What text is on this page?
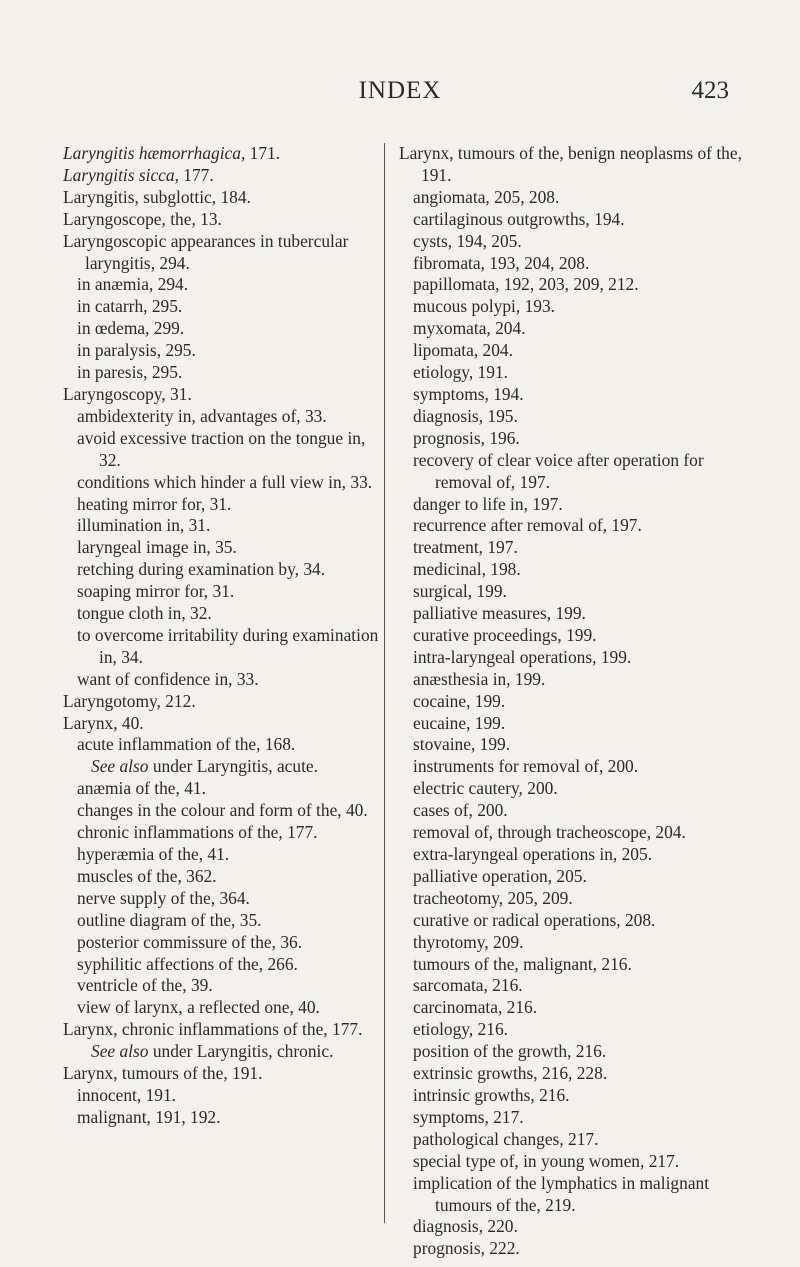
INDEX	423
Laryngitis hæmorrhagica, 171.
Laryngitis sicca, 177.
Laryngitis, subglottic, 184.
Laryngoscope, the, 13.
Laryngoscopic appearances in tubercular laryngitis, 294.
in anæmia, 294.
in catarrh, 295.
in œdema, 299.
in paralysis, 295.
in paresis, 295.
Laryngoscopy, 31.
ambidexterity in, advantages of, 33.
avoid excessive traction on the tongue in, 32.
conditions which hinder a full view in, 33.
heating mirror for, 31.
illumination in, 31.
laryngeal image in, 35.
retching during examination by, 34.
soaping mirror for, 31.
tongue cloth in, 32.
to overcome irritability during examination in, 34.
want of confidence in, 33.
Laryngotomy, 212.
Larynx, 40.
acute inflammation of the, 168.
See also under Laryngitis, acute.
anæmia of the, 41.
changes in the colour and form of the, 40.
chronic inflammations of the, 177.
hyperæmia of the, 41.
muscles of the, 362.
nerve supply of the, 364.
outline diagram of the, 35.
posterior commissure of the, 36.
syphilitic affections of the, 266.
ventricle of the, 39.
view of larynx, a reflected one, 40.
Larynx, chronic inflammations of the, 177.
See also under Laryngitis, chronic.
Larynx, tumours of the, 191.
innocent, 191.
malignant, 191, 192.
Larynx, tumours of the, benign neoplasms of the, 191.
angiomata, 205, 208.
cartilaginous outgrowths, 194.
cysts, 194, 205.
fibromata, 193, 204, 208.
papillomata, 192, 203, 209, 212.
mucous polypi, 193.
myxomata, 204.
lipomata, 204.
etiology, 191.
symptoms, 194.
diagnosis, 195.
prognosis, 196.
recovery of clear voice after operation for removal of, 197.
danger to life in, 197.
recurrence after removal of, 197.
treatment, 197.
medicinal, 198.
surgical, 199.
palliative measures, 199.
curative proceedings, 199.
intra-laryngeal operations, 199.
anæsthesia in, 199.
cocaine, 199.
eucaine, 199.
stovaine, 199.
instruments for removal of, 200.
electric cautery, 200.
cases of, 200.
removal of, through tracheoscope, 204.
extra-laryngeal operations in, 205.
palliative operation, 205.
tracheotomy, 205, 209.
curative or radical operations, 208.
thyrotomy, 209.
tumours of the, malignant, 216.
sarcomata, 216.
carcinomata, 216.
etiology, 216.
position of the growth, 216.
extrinsic growths, 216, 228.
intrinsic growths, 216.
symptoms, 217.
pathological changes, 217.
special type of, in young women, 217.
implication of the lymphatics in malignant tumours of the, 219.
diagnosis, 220.
prognosis, 222.
